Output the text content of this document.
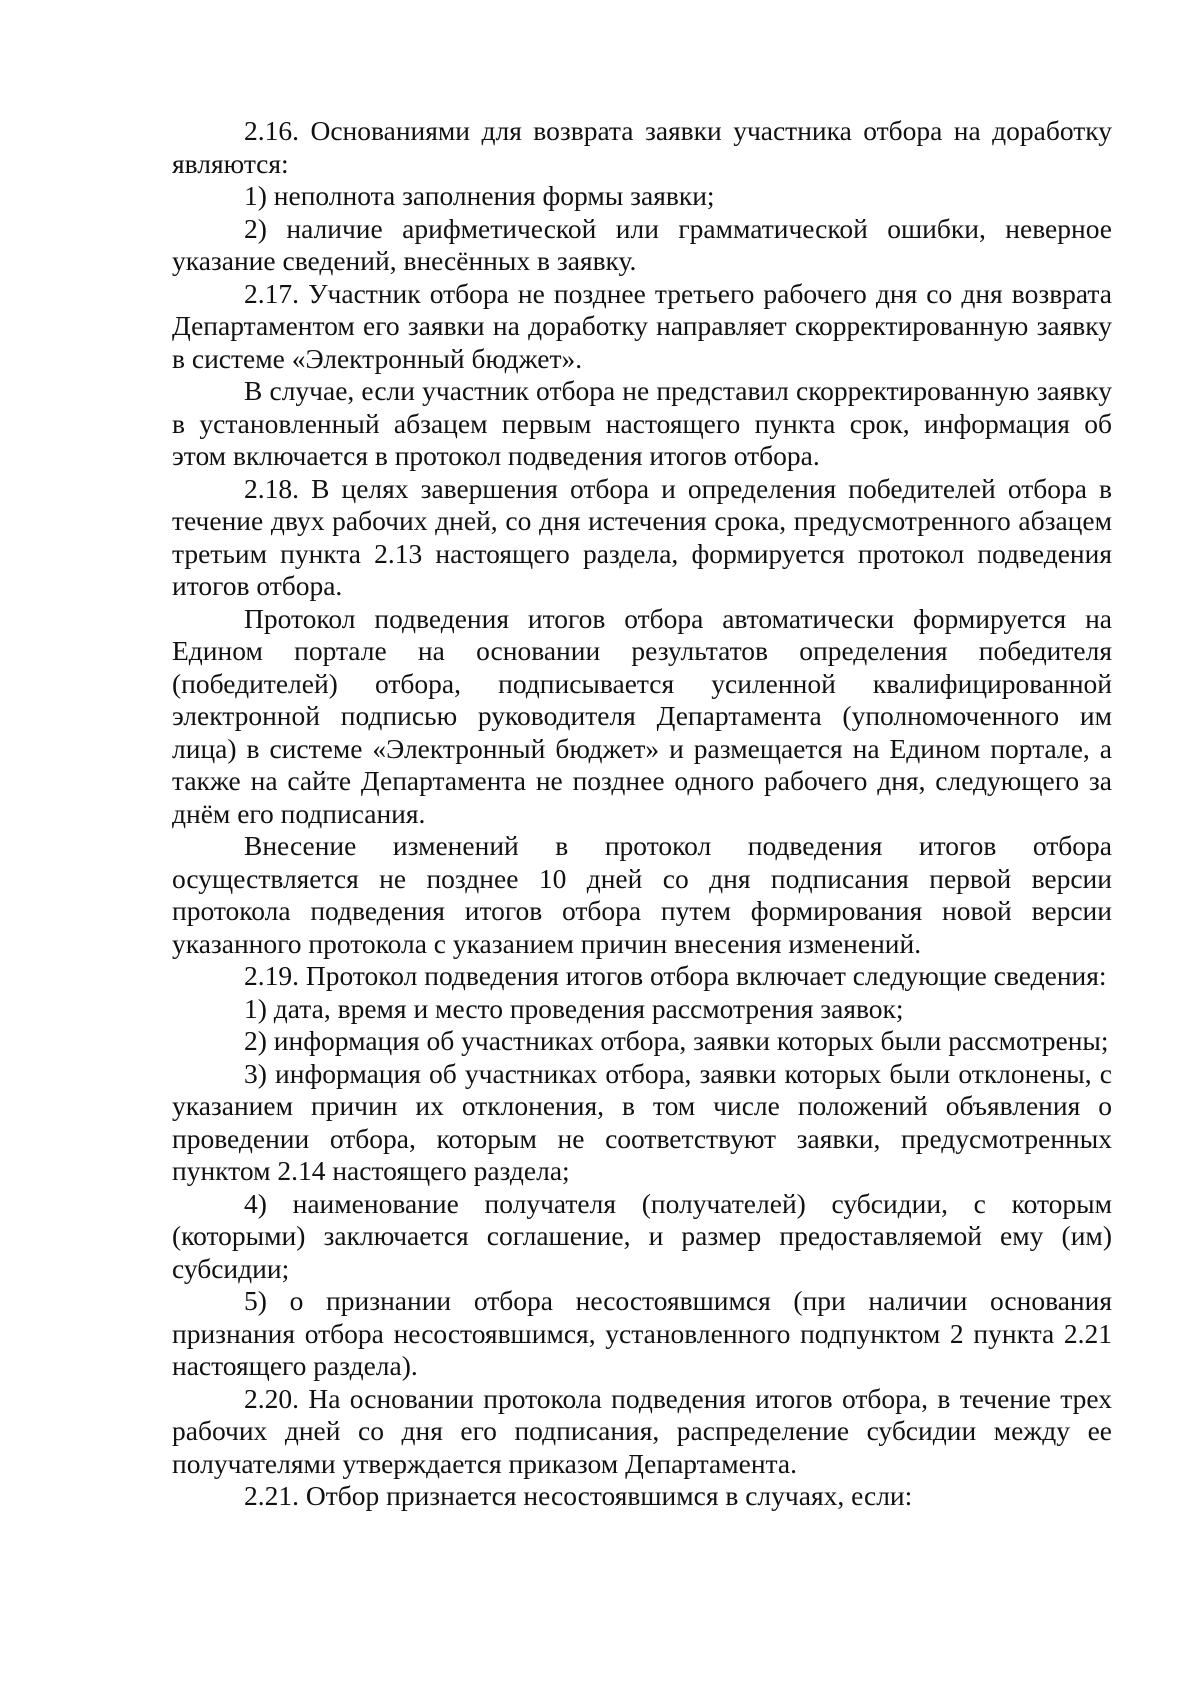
2.16. Основаниями для возврата заявки участника отбора на доработку являются:

1) неполнота заполнения формы заявки;

2) наличие арифметической или грамматической ошибки, неверное указание сведений, внесённых в заявку.

2.17. Участник отбора не позднее третьего рабочего дня со дня возврата Департаментом его заявки на доработку направляет скорректированную заявку в системе «Электронный бюджет».

В случае, если участник отбора не представил скорректированную заявку в установленный абзацем первым настоящего пункта срок, информация об этом включается в протокол подведения итогов отбора.

2.18. В целях завершения отбора и определения победителей отбора в течение двух рабочих дней, со дня истечения срока, предусмотренного абзацем третьим пункта 2.13 настоящего раздела, формируется протокол подведения итогов отбора.

Протокол подведения итогов отбора автоматически формируется на Едином портале на основании результатов определения победителя (победителей) отбора, подписывается усиленной квалифицированной электронной подписью руководителя Департамента (уполномоченного им лица) в системе «Электронный бюджет» и размещается на Едином портале, а также на сайте Департамента не позднее одного рабочего дня, следующего за днём его подписания.

Внесение изменений в протокол подведения итогов отбора осуществляется не позднее 10 дней со дня подписания первой версии протокола подведения итогов отбора путем формирования новой версии указанного протокола с указанием причин внесения изменений.

2.19. Протокол подведения итогов отбора включает следующие сведения:

1) дата, время и место проведения рассмотрения заявок;

2) информация об участниках отбора, заявки которых были рассмотрены;

3) информация об участниках отбора, заявки которых были отклонены, с указанием причин их отклонения, в том числе положений объявления о проведении отбора, которым не соответствуют заявки, предусмотренных пунктом 2.14 настоящего раздела;

4) наименование получателя (получателей) субсидии, с которым (которыми) заключается соглашение, и размер предоставляемой ему (им) субсидии;

5) о признании отбора несостоявшимся (при наличии основания признания отбора несостоявшимся, установленного подпунктом 2 пункта 2.21 настоящего раздела).

2.20. На основании протокола подведения итогов отбора, в течение трех рабочих дней со дня его подписания, распределение субсидии между ее получателями утверждается приказом Департамента.

2.21. Отбор признается несостоявшимся в случаях, если:
